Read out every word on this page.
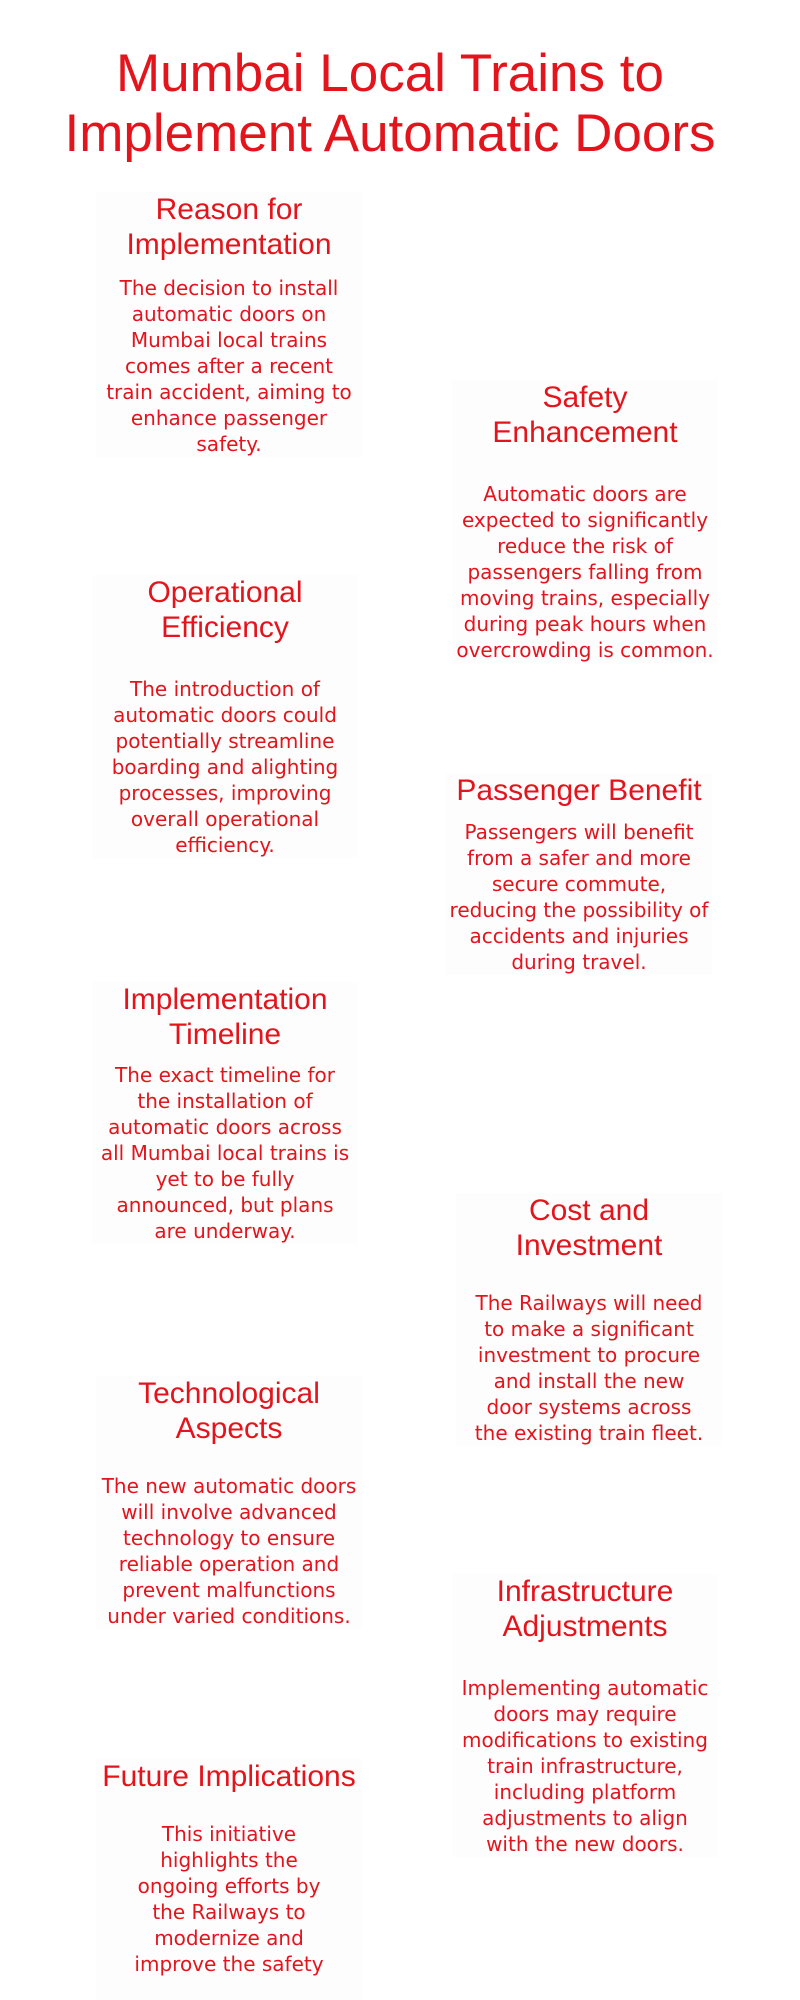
Mumbai Local Trains to Implement Automatic Doors
Reason for Implementation

The decision to install automatic doors on Mumbai local trains comes after a recent train accident, aiming to enhance passenger safety.

Operational Efficiency

The introduction of automatic doors could potentially streamline boarding and alighting processes, improving overall operational efficiency.

Implementation Timeline

The exact timeline for the installation of automatic doors across all Mumbai local trains is yet to be fully announced, but plans are underway.

Technological Aspects

The new automatic doors will involve advanced technology to ensure reliable operation and prevent malfunctions under varied conditions.

Future Implications

This initiative highlights the ongoing efforts by the Railways to modernize and improve the safety

Safety Enhancement

Automatic doors are expected to significantly reduce the risk of passengers falling from moving trains, especially during peak hours when overcrowding is common.

Passenger Benefit

Passengers will benefit from a safer and more secure commute, reducing the possibility of accidents and injuries during travel.

Cost and Investment

The Railways will need to make a significant investment to procure and install the new door systems across the existing train fleet.

Infrastructure Adjustments

Implementing automatic doors may require modifications to existing train infrastructure, including platform adjustments to align with the new doors.
